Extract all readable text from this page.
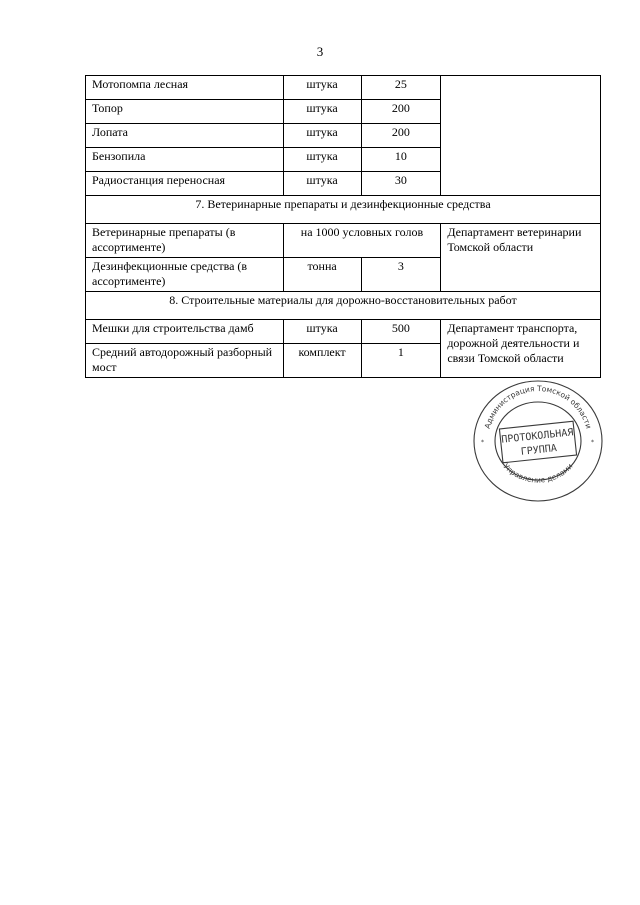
3
Мотопомпа лесная	штука	25	
Топор	штука	200	
Лопата	штука	200	
Бензопила	штука	10	
Радиостанция переносная	штука	30	
7. Ветеринарные препараты и дезинфекционные средства			
Ветеринарные препараты (в ассортименте)	на 1000 условных голов		Департамент ветеринарии Томской области
Дезинфекционные средства (в ассортименте)	тонна	3	
8. Строительные материалы для дорожно-восстановительных работ			
Мешки для строительства дамб	штука	500	Департамент транспорта, дорожной деятельности и связи Томской области
Средний автодорожный разборный мост	комплект	1	
Администрация Томской области
Управление делами
ПРОТОКОЛЬНАЯ
ГРУППА
*	*
